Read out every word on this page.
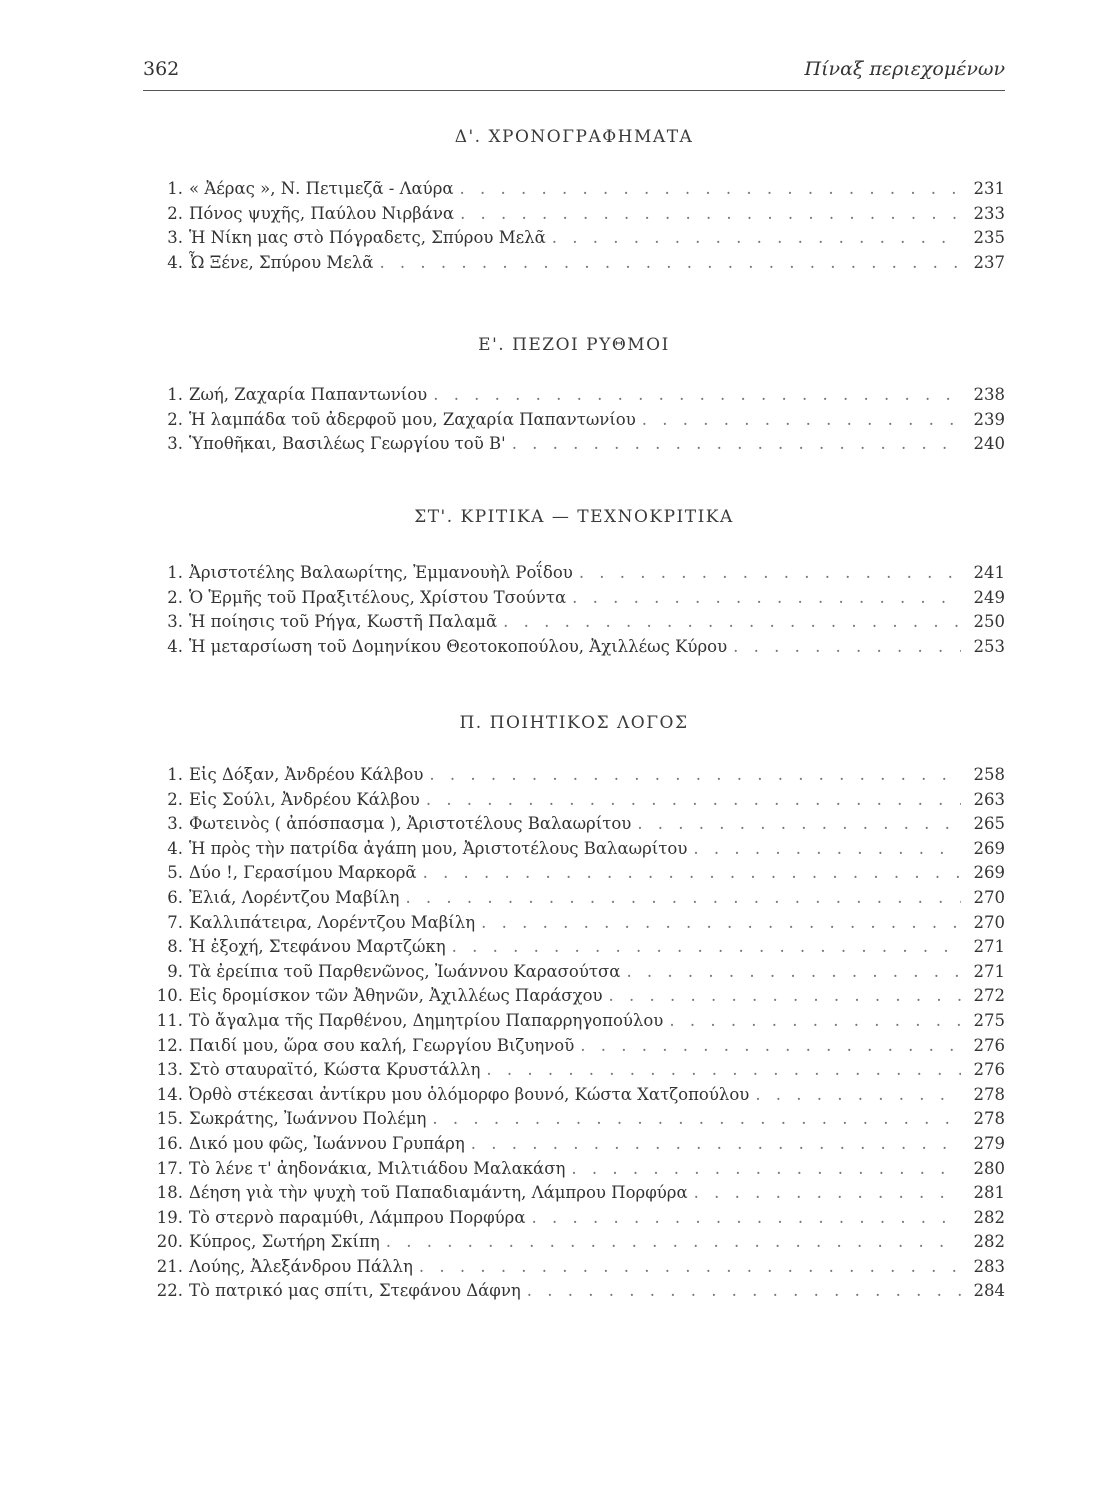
362	Πίναξ περιεχομένων
Δ'. ΧΡΟΝΟΓΡΑΦΗΜΑΤΑ
1. « Ἀέρας », Ν. Πετιμεζᾶ - Λαύρα . . .	231
2. Πόνος ψυχῆς, Παύλου Νιρβάνα . . .	233
3. Ἡ Νίκη μας στὸ Πόγραδετς, Σπύρου Μελᾶ . . .	235
4. Ὦ Ξένε, Σπύρου Μελᾶ . . .	237
Ε'. ΠΕΖΟΙ ΡΥΘΜΟΙ
1. Ζωή, Ζαχαρία Παπαντωνίου . . .	238
2. Ἡ λαμπάδα τοῦ ἀδερφοῦ μου, Ζαχαρία Παπαντωνίου . . .	239
3. Ὑποθῆκαι, Βασιλέως Γεωργίου τοῦ Β' . . .	240
ΣΤ'. ΚΡΙΤΙΚΑ — ΤΕΧΝΟΚΡΙΤΙΚΑ
1. Ἀριστοτέλης Βαλαωρίτης, Ἐμμανουὴλ Ροΐδου . . .	241
2. Ὁ Ἑρμῆς τοῦ Πραξιτέλους, Χρίστου Τσούντα . . .	249
3. Ἡ ποίησις τοῦ Ρήγα, Κωστῆ Παλαμᾶ . . .	250
4. Ἡ μεταρσίωση τοῦ Δομηνίκου Θεοτοκοπούλου, Ἀχιλλέως Κύρου . . .	253
Π. ΠΟΙΗΤΙΚΟΣ ΛΟΓΟΣ
1. Εἰς Δόξαν, Ἀνδρέου Κάλβου . . .	258
2. Εἰς Σούλι, Ἀνδρέου Κάλβου . . .	263
3. Φωτεινὸς ( ἀπόσπασμα ), Ἀριστοτέλους Βαλαωρίτου . . .	265
4. Ἡ πρὸς τὴν πατρίδα ἀγάπη μου, Ἀριστοτέλους Βαλαωρίτου . . .	269
5. Δύο !, Γερασίμου Μαρκορᾶ . . .	269
6. Ἐλιά, Λορέντζου Μαβίλη . . .	270
7. Καλλιπάτειρα, Λορέντζου Μαβίλη . . .	270
8. Ἡ ἐξοχή, Στεφάνου Μαρτζώκη . . .	271
9. Τὰ ἐρείπια τοῦ Παρθενῶνος, Ἰωάννου Καρασούτσα . . .	271
10. Εἰς δρομίσκον τῶν Ἀθηνῶν, Ἀχιλλέως Παράσχου . . .	272
11. Τὸ ἄγαλμα τῆς Παρθένου, Δημητρίου Παπαρρηγοπούλου . . .	275
12. Παιδί μου, ὥρα σου καλή, Γεωργίου Βιζυηνοῦ . . .	276
13. Στὸ σταυραϊτό, Κώστα Κρυστάλλη . . .	276
14. Ὀρθὸ στέκεσαι ἀντίκρυ μου ὁλόμορφο βουνό, Κώστα Χατζοπούλου . . .	278
15. Σωκράτης, Ἰωάννου Πολέμη . . .	278
16. Δικό μου φῶς, Ἰωάννου Γρυπάρη . . .	279
17. Τὸ λένε τ' ἀηδονάκια, Μιλτιάδου Μαλακάση . . .	280
18. Δέηση γιὰ τὴν ψυχὴ τοῦ Παπαδιαμάντη, Λάμπρου Πορφύρα . . .	281
19. Τὸ στερνὸ παραμύθι, Λάμπρου Πορφύρα . . .	282
20. Κύπρος, Σωτήρη Σκίπη . . .	282
21. Λούης, Ἀλεξάνδρου Πάλλη . . .	283
22. Τὸ πατρικό μας σπίτι, Στεφάνου Δάφνη . . .	284
